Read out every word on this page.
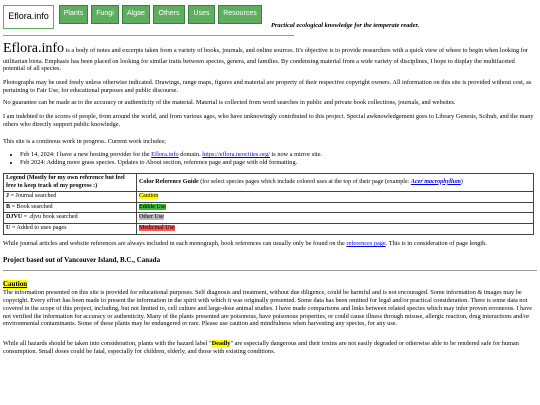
Eflora.info	Plants	Fungi	Algae	Others	Uses	Resources
Practical ecological knowledge for the temperate reader.
Eflora.info is a body of notes and excerpts taken from a variety of books, journals, and online sources. It's objective is to provide researchers with a quick view of where to begin when looking for utilitarian biota. Emphasis has been placed on looking for similar traits between species, genera, and families. By condensing material from a wide variety of disciplines, I hope to display the multifaceted potential of all species.

Photographs may be used freely unless otherwise indicated. Drawings, range maps, figures and material are property of their respective copyright owners. All information on this site is provided without cost, as pertaining to Fair Use, for educational purposes and public discourse.

No guarantee can be made as to the accuracy or authenticity of the material. Material is collected from word searches in public and private book collections, journals, and websites.

I am indebted to the scores of people, from around the world, and from various ages, who have unknowingly contributed to this project. Special awknowledgement goes to Library Genesis, Scihub, and the many others who directly support public knowledge.

This site is a continous work in progress. Current work includes;

• Feb 14, 2024: I have a new hosting provider for the Eflora.info domain. https://eflora.neocities.org/ is now a mirror site.
• Feb 2024: Adding more grass species. Updates to About section, reference page and page with old formatting.
Legend (Mostly for my own reference but feel free to keep track of my progress :)	Color Reference Guide (for select species pages which include colored uses at the top of their page (example: Acer macrophyllum)
J = Journal searched	Caution
B = Book searched	Edible Use
DJVU = .djvu book searched	Other Use
U = Added to uses pages	Medicinal Use

While journal articles and website references are always included in each monograph, book references can usually only be found on the references page. This is in consideration of page length.

Project based out of Vancouver Island, B.C., Canada

Caution

The information presented on this site is provided for educational purposes. Self diagnosis and treatment, without due diligence, could be harmful and is not encouraged. Some information & images may be copyright. Every effort has been made to present the information in the spirit with which it was originally presented. Some data has been omitted for legal and/or practical consideration. There is some data not covered in the scope of this project, including, but not limited to, cell culture and large-dose animal studies. I have made comparisons and links between related species which may infer proven erroneous. I have not verified the information for accuracy or authenticity. Many of the plants presented are poisonous, have poisonous properties, or could cause illness through misuse, allergic reaction, drug interactions and/or environmental contaminants. Some of these plants may be endangered or rare. Please use caution and mindfulness when harvesting any species, for any use.

While all hazards should be taken into consideration, plants with the hazard label "Deadly" are especially dangerous and their toxins are not easily degraded or otherwise able to be rendered safe for human consumption. Small doses could be fatal, especially for children, elderly, and those with existing conditions.
